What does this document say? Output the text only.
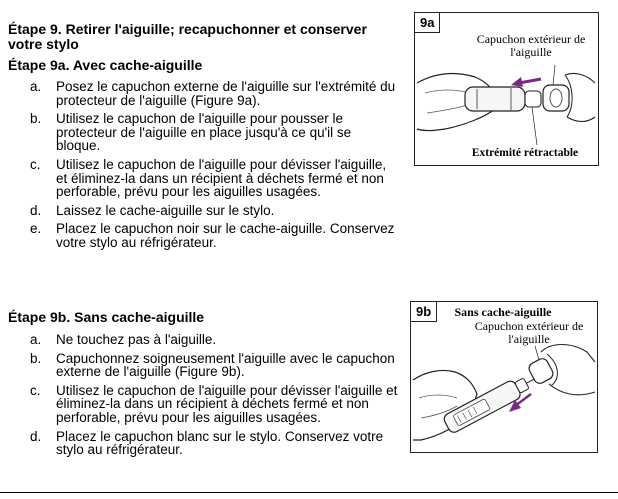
Étape 9. Retirer l'aiguille; recapuchonner et conserver votre stylo
Étape 9a. Avec cache-aiguille
a. Posez le capuchon externe de l'aiguille sur l'extrémité du protecteur de l'aiguille (Figure 9a).
b. Utilisez le capuchon de l'aiguille pour pousser le protecteur de l'aiguille en place jusqu'à ce qu'il se bloque.
c. Utilisez le capuchon de l'aiguille pour dévisser l'aiguille, et éliminez-la dans un récipient à déchets fermé et non perforable, prévu pour les aiguilles usagées.
d. Laissez le cache-aiguille sur le stylo.
e. Placez le capuchon noir sur le cache-aiguille. Conservez votre stylo au réfrigérateur.
Étape 9b. Sans cache-aiguille
a. Ne touchez pas à l'aiguille.
b. Capuchonnez soigneusement l'aiguille avec le capuchon externe de l'aiguille (Figure 9b).
c. Utilisez le capuchon de l'aiguille pour dévisser l'aiguille et éliminez-la dans un récipient à déchets fermé et non perforable, prévu pour les aiguilles usagées.
d. Placez le capuchon blanc sur le stylo. Conservez votre stylo au réfrigérateur.
9a
Capuchon extérieur de l'aiguille
Extrémité rétractable
9b	Sans cache-aiguille
Capuchon extérieur de l'aiguille
